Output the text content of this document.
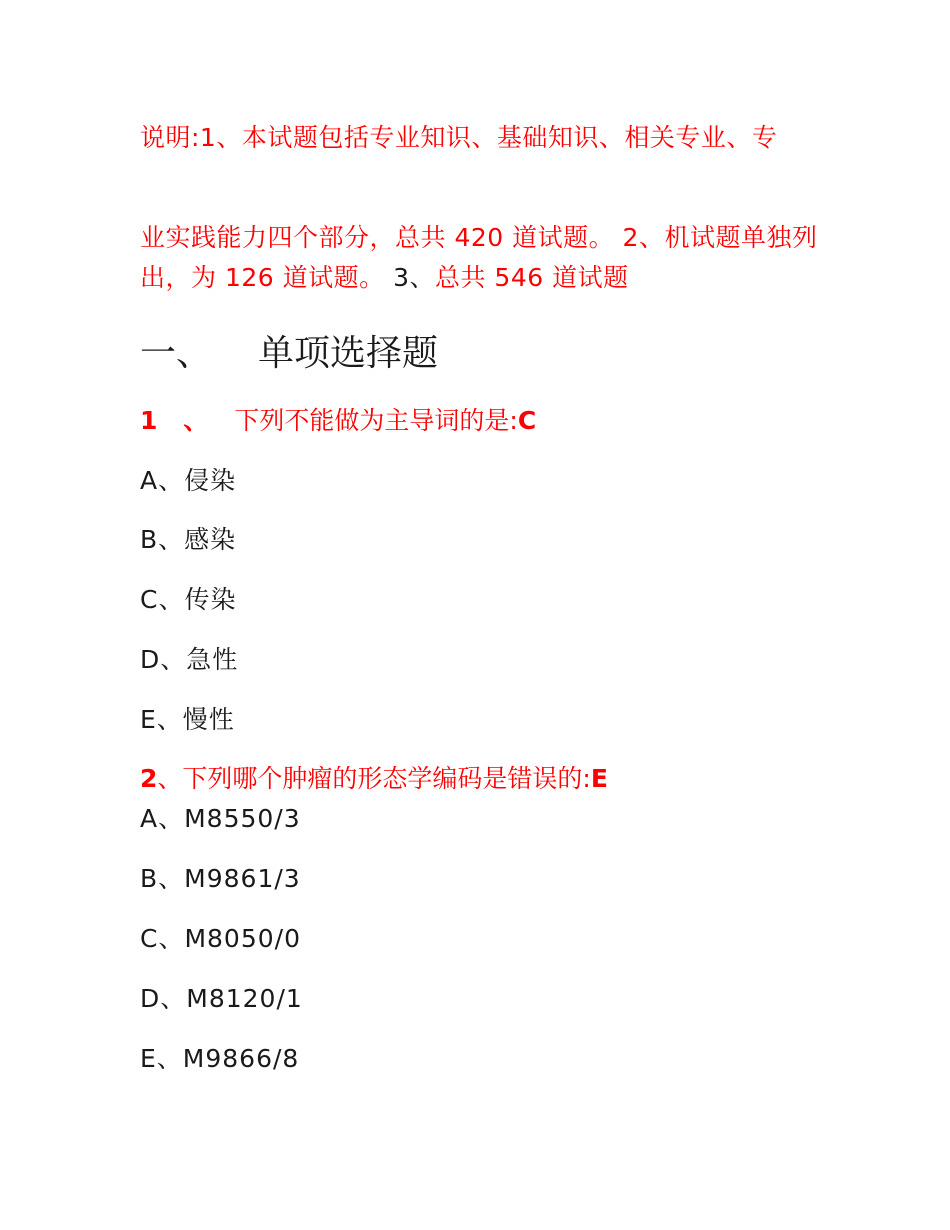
说明:1、本试题包括专业知识、基础知识、相关专业、专

业实践能力四个部分，总共 420 道试题。 2、机试题单独列出，为 126 道试题。 3、总共 546 道试题

一、 单项选择题

1 、 下列不能做为主导词的是:C

A、侵染

B、感染

C、传染

D、急性

E、慢性

2、下列哪个肿瘤的形态学编码是错误的:E

A、M8550/3

B、M9861/3

C、M8050/0

D、M8120/1

E、M9866/8
